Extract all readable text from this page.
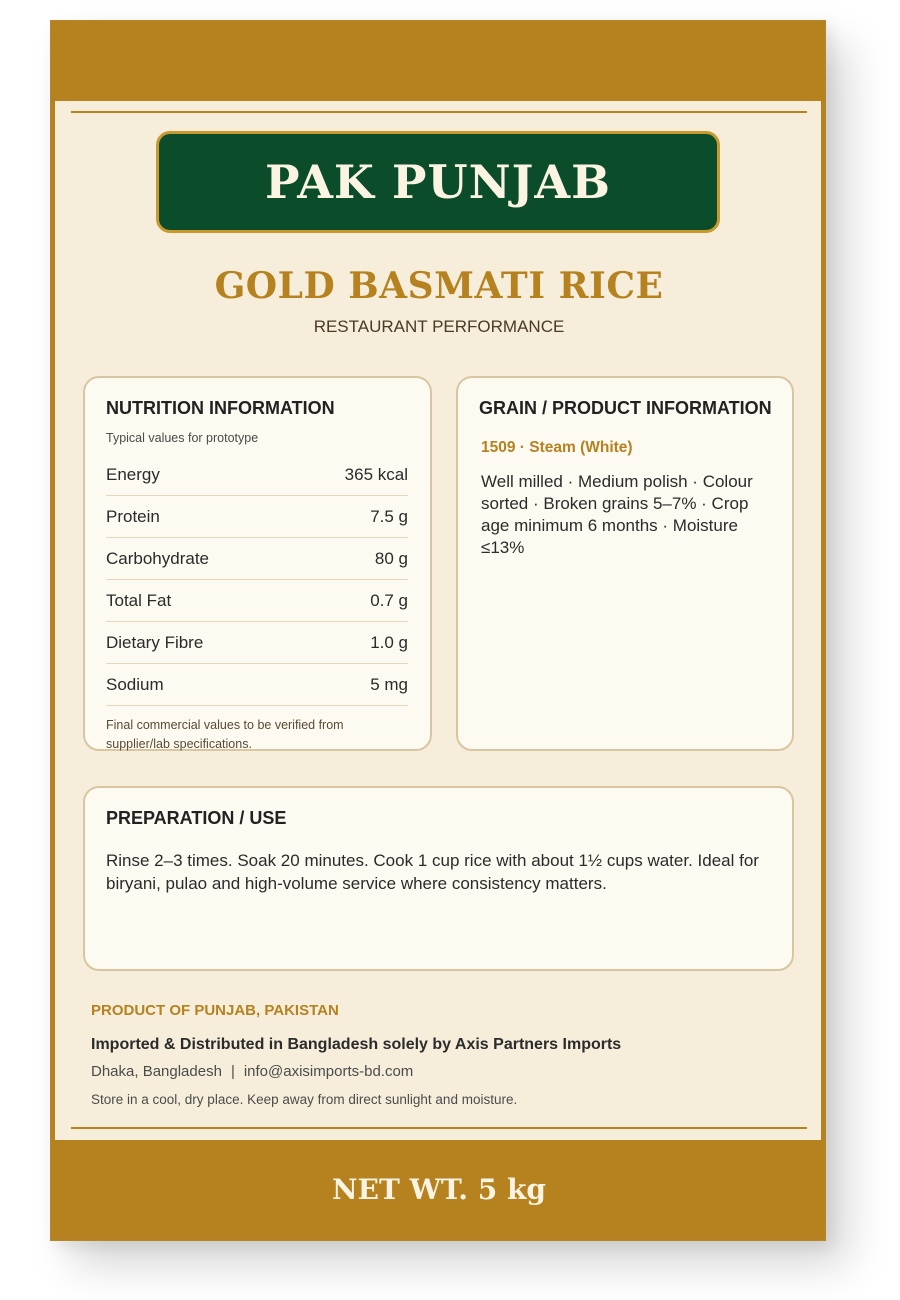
PAK PUNJAB
GOLD BASMATI RICE
RESTAURANT PERFORMANCE
NUTRITION INFORMATION
Typical values for prototype
Energy	365 kcal
Protein	7.5 g
Carbohydrate	80 g
Total Fat	0.7 g
Dietary Fibre	1.0 g
Sodium	5 mg
Final commercial values to be verified from supplier/lab specifications.
GRAIN / PRODUCT INFORMATION
1509 · Steam (White)
Well milled · Medium polish · Colour sorted · Broken grains 5–7% · Crop age minimum 6 months · Moisture ≤13%
PREPARATION / USE
Rinse 2–3 times. Soak 20 minutes. Cook 1 cup rice with about 1½ cups water. Ideal for biryani, pulao and high-volume service where consistency matters.
PRODUCT OF PUNJAB, PAKISTAN
Imported & Distributed in Bangladesh solely by Axis Partners Imports
Dhaka, Bangladesh | info@axisimports-bd.com
Store in a cool, dry place. Keep away from direct sunlight and moisture.
NET WT. 5 kg
